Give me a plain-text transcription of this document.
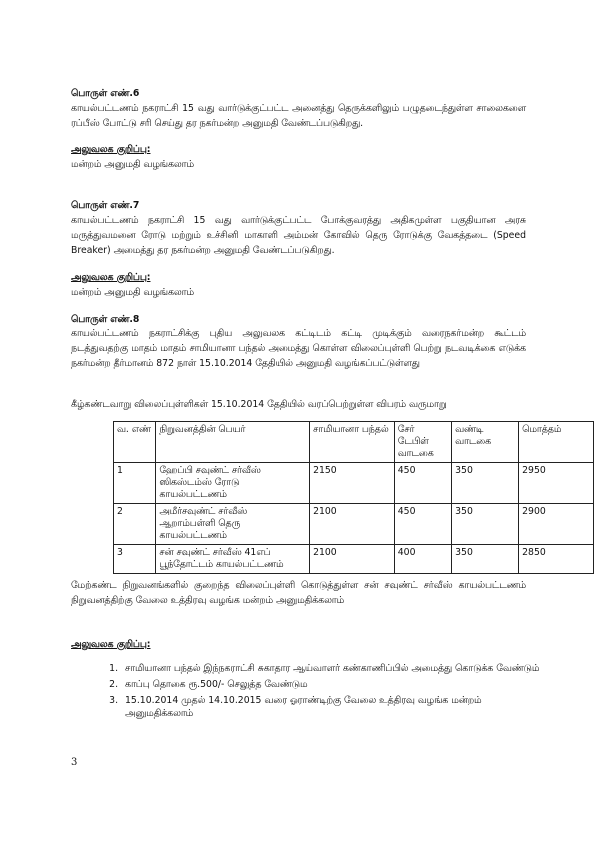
பொருள் எண்.6
காயல்பட்டணம் நகராட்சி 15 வது வார்டுக்குட்பட்ட அனைத்து தெருக்களிலும் பழுதடைந்துள்ள சாலைகளை ரப்பீஸ் போட்டு சரி செய்து தர நகர்மன்ற அனுமதி வேண்டப்படுகிறது.
அலுவலக குறிப்பு:
மன்றம் அனுமதி வழங்கலாம்
பொருள் எண்.7
காயல்பட்டணம் நகராட்சி 15 வது வார்டுக்குட்பட்ட போக்குவரத்து அதிகமுள்ள பகுதியான அரசு மருத்துவமனை ரோடு மற்றும் உச்சினி மாகாளி அம்மன் கோவில் தெரு ரோடுக்கு வேகத்தடை (Speed Breaker) அமைத்து தர நகர்மன்ற அனுமதி வேண்டப்படுகிறது.
அலுவலக குறிப்பு:
மன்றம் அனுமதி வழங்கலாம்
பொருள் எண்.8
காயல்பட்டணம் நகராட்சிக்கு புதிய அலுவலக கட்டிடம் கட்டி முடிக்கும் வரைநகர்மன்ற கூட்டம் நடத்துவதற்கு மாதம் மாதம் சாமியானா பந்தல் அமைத்து கொள்ள விலைப்புள்ளி பெற்று நடவடிக்கை எடுக்க நகர்மன்ற தீர்மானம் 872 நாள் 15.10.2014 தேதியில் அனுமதி வழங்கப்பட்டுள்ளது
கீழ்கண்டவாறு விலைப்புள்ளிகள் 15.10.2014 தேதியில் வரப்பெற்றுள்ள விபரம் வருமாறு
வ. எண்	நிறுவனத்தின் பெயர்	சாமியானா பந்தல்	சேர் டேபிள் வாடகை	வண்டி வாடகை	மொத்தம்
1	ஹேப்பி சவுண்ட் சர்வீஸ் ஸிகஸ்டம்ஸ் ரோடு காயல்பட்டணம்	2150	450	350	2950
2	அமீர்சவுண்ட் சர்வீஸ் ஆறாம்பள்ளி தெரு காயல்பட்டணம்	2100	450	350	2900
3	சன் சவுண்ட் சர்வீஸ் 41எப் பூந்தோட்டம் காயல்பட்டணம்	2100	400	350	2850
மேற்கண்ட நிறுவனங்களில் குறைந்த விலைப்புள்ளி கொடுத்துள்ள சன் சவுண்ட் சர்வீஸ் காயல்பட்டணம் நிறுவனத்திற்கு வேலை உத்திரவு வழங்க மன்றம் அனுமதிக்கலாம்
அலுவலக குறிப்பு:
1. சாமியானா பந்தல் இந்நகராட்சி சுகாதார ஆய்வாளர் கண்காணிப்பில் அமைத்து கொடுக்க வேண்டும்
2. காப்பு தொகை ரூ.500/- செலுத்த வேண்டும
3. 15.10.2014 முதல் 14.10.2015 வரை ஓராண்டிற்கு வேலை உத்திரவு வழங்க மன்றம் அனுமதிக்கலாம்
3
